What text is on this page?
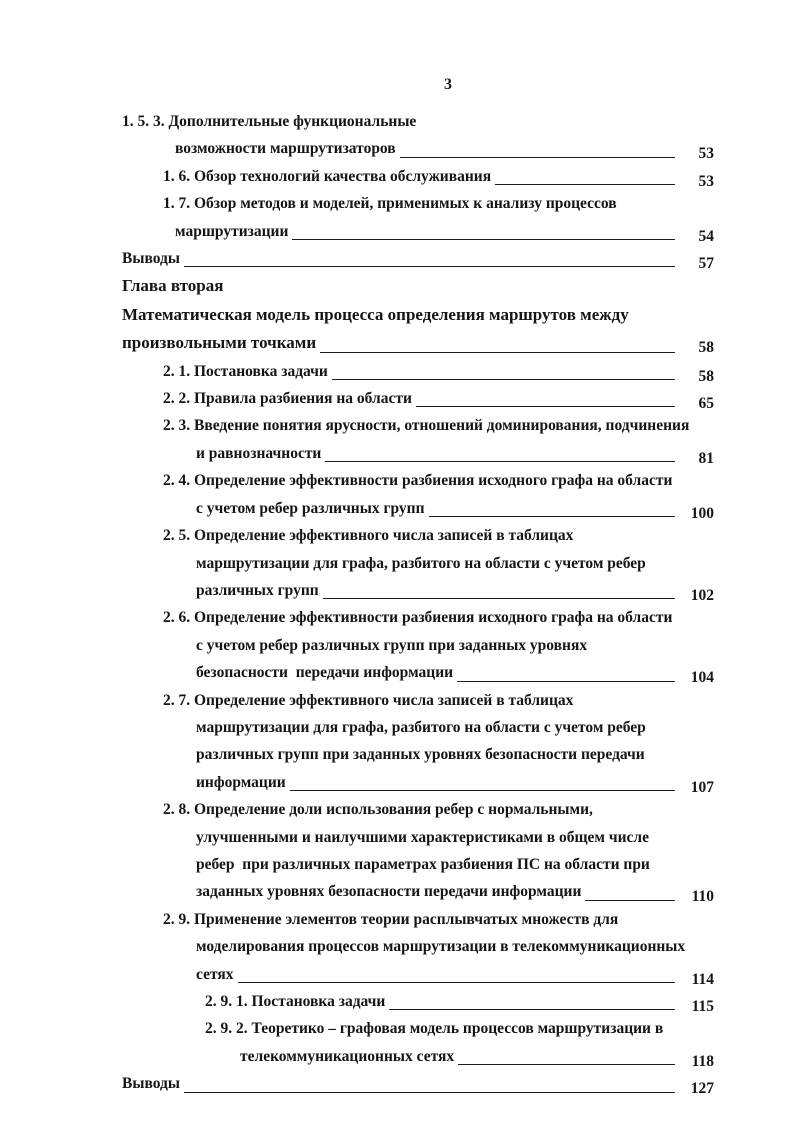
3
1. 5. 3. Дополнительные функциональные
возможности маршрутизаторов	53
1. 6. Обзор технологий качества обслуживания	53
1. 7. Обзор методов и моделей, применимых к анализу процессов
маршрутизации	54
Выводы	57
Глава вторая
Математическая модель процесса определения маршрутов между
произвольными точками	58
2. 1. Постановка задачи	58
2. 2. Правила разбиения на области	65
2. 3. Введение понятия ярусности, отношений доминирования, подчинения
и равнозначности	81
2. 4. Определение эффективности разбиения исходного графа на области
с учетом ребер различных групп	100
2. 5. Определение эффективного числа записей в таблицах
маршрутизации для графа, разбитого на области с учетом ребер
различных групп	102
2. 6. Определение эффективности разбиения исходного графа на области
с учетом ребер различных групп при заданных уровнях
безопасности  передачи информации	104
2. 7. Определение эффективного числа записей в таблицах
маршрутизации для графа, разбитого на области с учетом ребер
различных групп при заданных уровнях безопасности передачи
информации	107
2. 8. Определение доли использования ребер с нормальными,
улучшенными и наилучшими характеристиками в общем числе
ребер  при различных параметрах разбиения ПС на области при
заданных уровнях безопасности передачи информации	110
2. 9. Применение элементов теории расплывчатых множеств для
моделирования процессов маршрутизации в телекоммуникационных
сетях	114
2. 9. 1. Постановка задачи	115
2. 9. 2. Теоретико – графовая модель процессов маршрутизации в
телекоммуникационных сетях	118
Выводы	127
